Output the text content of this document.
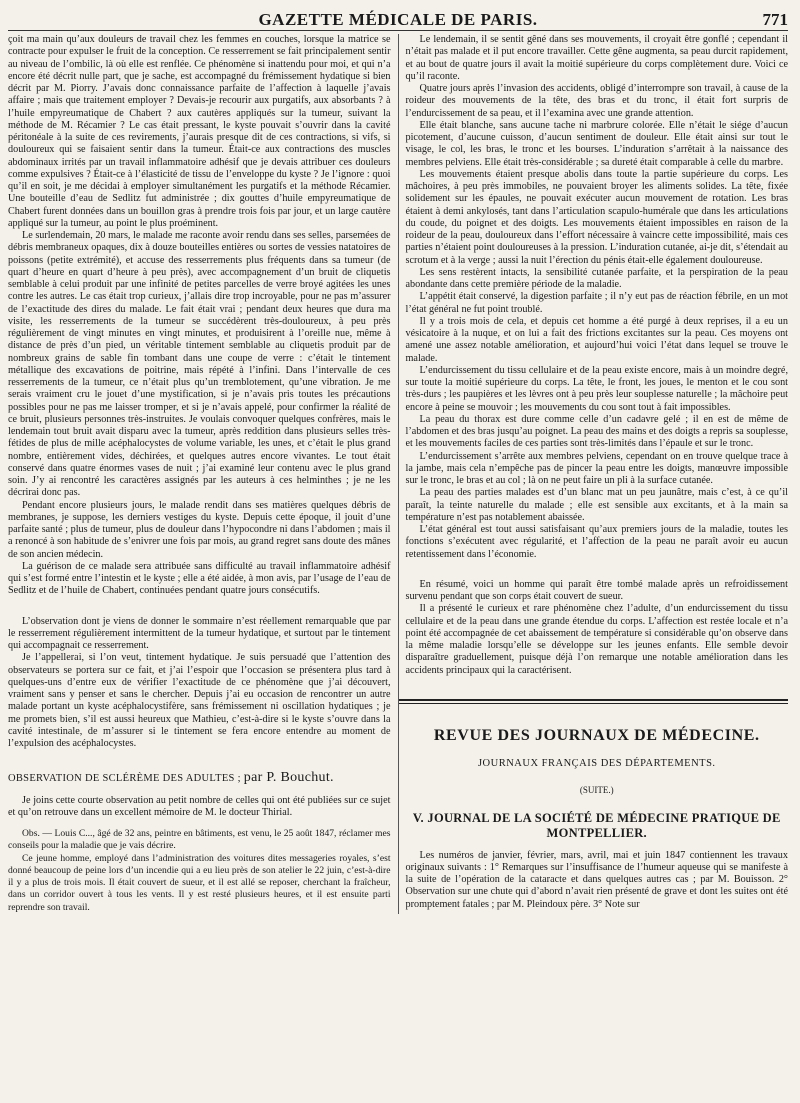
GAZETTE MÉDICALE DE PARIS.	771

çoit ma main qu’aux douleurs de travail chez les femmes en couches, lorsque la matrice se contracte pour expulser le fruit de la conception. Ce resserrement se fait principalement sentir au niveau de l’ombilic, là où elle est renflée. Ce phénomène si inattendu pour moi, et qui n’a encore été décrit nulle part, que je sache, est accompagné du frémissement hydatique si bien décrit par M. Piorry. J’avais donc connaissance parfaite de l’affection à laquelle j’avais affaire ; mais que traitement employer ? Devais-je recourir aux purgatifs, aux absorbants ? à l’huile empyreumatique de Chabert ? aux cautères appliqués sur la tumeur, suivant la méthode de M. Récamier ? Le cas était pressant, le kyste pouvait s’ouvrir dans la cavité péritonéale à la suite de ces revirements, j’aurais presque dit de ces contractions, si vifs, si douloureux qui se faisaient sentir dans la tumeur. Était-ce aux contractions des muscles abdominaux irrités par un travail inflammatoire adhésif que je devais attribuer ces douleurs comme expulsives ? Était-ce à l’élasticité de tissu de l’enveloppe du kyste ? Je l’ignore : quoi qu’il en soit, je me décidai à employer simultanément les purgatifs et la méthode Récamier. Une bouteille d’eau de Sedlitz fut administrée ; dix gouttes d’huile empyreumatique de Chabert furent données dans un bouillon gras à prendre trois fois par jour, et un large cautère appliqué sur la tumeur, au point le plus proéminent.

Le surlendemain, 20 mars, le malade me raconte avoir rendu dans ses selles, parsemées de débris membraneux opaques, dix à douze bouteilles entières ou sortes de vessies natatoires de poissons (petite extrémité), et accuse des resserrements plus fréquents dans sa tumeur (de quart d’heure en quart d’heure à peu près), avec accompagnement d’un bruit de cliquetis semblable à celui produit par une infinité de petites parcelles de verre broyé agitées les unes contre les autres. Le cas était trop curieux, j’allais dire trop incroyable, pour ne pas m’assurer de l’exactitude des dires du malade. Le fait était vrai ; pendant deux heures que dura ma visite, les resserrements de la tumeur se succédèrent très-douloureux, à peu près régulièrement de vingt minutes en vingt minutes, et produisirent à l’oreille nue, même à distance de près d’un pied, un véritable tintement semblable au cliquetis produit par de nombreux grains de sable fin tombant dans une coupe de verre : c’était le tintement métallique des excavations de poitrine, mais répété à l’infini. Dans l’intervalle de ces resserrements de la tumeur, ce n’était plus qu’un tremblotement, qu’une vibration. Je me serais vraiment cru le jouet d’une mystification, si je n’avais pris toutes les précautions possibles pour ne pas me laisser tromper, et si je n’avais appelé, pour confirmer la réalité de ce bruit, plusieurs personnes très-instruites. Je voulais convoquer quelques confrères, mais le lendemain tout bruit avait disparu avec la tumeur, après reddition dans plusieurs selles très-fétides de plus de mille acéphalocystes de volume variable, les unes, et c’était le plus grand nombre, entièrement vides, déchirées, et quelques autres encore vivantes. Le tout était conservé dans quatre énormes vases de nuit ; j’ai examiné leur contenu avec le plus grand soin. J’y ai rencontré les caractères assignés par les auteurs à ces helminthes ; je ne les décrirai donc pas.

Pendant encore plusieurs jours, le malade rendit dans ses matières quelques débris de membranes, je suppose, les derniers vestiges du kyste. Depuis cette époque, il jouit d’une parfaite santé ; plus de tumeur, plus de douleur dans l’hypocondre ni dans l’abdomen ; mais il a renoncé à son habitude de s’enivrer une fois par mois, au grand regret sans doute des mânes de son ancien médecin.

La guérison de ce malade sera attribuée sans difficulté au travail inflammatoire adhésif qui s’est formé entre l’intestin et le kyste ; elle a été aidée, à mon avis, par l’usage de l’eau de Sedlitz et de l’huile de Chabert, continuées pendant quatre jours consécutifs.

L’observation dont je viens de donner le sommaire n’est réellement remarquable que par le resserrement régulièrement intermittent de la tumeur hydatique, et surtout par le tintement qui accompagnait ce resserrement.

Je l’appellerai, si l’on veut, tintement hydatique. Je suis persuadé que l’attention des observateurs se portera sur ce fait, et j’ai l’espoir que l’occasion se présentera plus tard à quelques-uns d’entre eux de vérifier l’exactitude de ce phénomène que j’ai découvert, vraiment sans y penser et sans le chercher. Depuis j’ai eu occasion de rencontrer un autre malade portant un kyste acéphalocystifère, sans frémissement ni oscillation hydatiques ; je me promets bien, s’il est aussi heureux que Mathieu, c’est-à-dire si le kyste s’ouvre dans la cavité intestinale, de m’assurer si le tintement se fera encore entendre au moment de l’expulsion des acéphalocystes.

OBSERVATION DE SCLÉRÈME DES ADULTES ; par P. Bouchut.

Je joins cette courte observation au petit nombre de celles qui ont été publiées sur ce sujet et qu’on retrouve dans un excellent mémoire de M. le docteur Thirial.

Obs. — Louis C..., âgé de 32 ans, peintre en bâtiments, est venu, le 25 août 1847, réclamer mes conseils pour la maladie que je vais décrire.

Ce jeune homme, employé dans l’administration des voitures dites messageries royales, s’est donné beaucoup de peine lors d’un incendie qui a eu lieu près de son atelier le 22 juin, c’est-à-dire il y a plus de trois mois. Il était couvert de sueur, et il est allé se reposer, cherchant la fraîcheur, dans un corridor ouvert à tous les vents. Il y est resté plusieurs heures, et il est ensuite parti reprendre son travail.

Le lendemain, il se sentit gêné dans ses mouvements, il croyait être gonflé ; cependant il n’était pas malade et il put encore travailler. Cette gêne augmenta, sa peau durcit rapidement, et au bout de quatre jours il avait la moitié supérieure du corps complètement dure. Voici ce qu’il raconte.

Quatre jours après l’invasion des accidents, obligé d’interrompre son travail, à cause de la roideur des mouvements de la tête, des bras et du tronc, il était fort surpris de l’endurcissement de sa peau, et il l’examina avec une grande attention.

Elle était blanche, sans aucune tache ni marbrure colorée. Elle n’était le siége d’aucun picotement, d’aucune cuisson, d’aucun sentiment de douleur. Elle était ainsi sur tout le visage, le col, les bras, le tronc et les bourses. L’induration s’arrêtait à la naissance des membres pelviens. Elle était très-considérable ; sa dureté était comparable à celle du marbre.

Les mouvements étaient presque abolis dans toute la partie supérieure du corps. Les mâchoires, à peu près immobiles, ne pouvaient broyer les aliments solides. La tête, fixée solidement sur les épaules, ne pouvait exécuter aucun mouvement de rotation. Les bras étaient à demi ankylosés, tant dans l’articulation scapulo-humérale que dans les articulations du coude, du poignet et des doigts. Les mouvements étaient impossibles en raison de la roideur de la peau, douloureux dans l’effort nécessaire à vaincre cette impossibilité, mais ces parties n’étaient point douloureuses à la pression. L’induration cutanée, ai-je dit, s’étendait au scrotum et à la verge ; aussi la nuit l’érection du pénis était-elle également douloureuse.

Les sens restèrent intacts, la sensibilité cutanée parfaite, et la perspiration de la peau abondante dans cette première période de la maladie.

L’appétit était conservé, la digestion parfaite ; il n’y eut pas de réaction fébrile, en un mot l’état général ne fut point troublé.

Il y a trois mois de cela, et depuis cet homme a été purgé à deux reprises, il a eu un vésicatoire à la nuque, et on lui a fait des frictions excitantes sur la peau. Ces moyens ont amené une assez notable amélioration, et aujourd’hui voici l’état dans lequel se trouve le malade.

L’endurcissement du tissu cellulaire et de la peau existe encore, mais à un moindre degré, sur toute la moitié supérieure du corps. La tête, le front, les joues, le menton et le cou sont très-durs ; les paupières et les lèvres ont à peu près leur souplesse naturelle ; la mâchoire peut encore à peine se mouvoir ; les mouvements du cou sont tout à fait impossibles.

La peau du thorax est dure comme celle d’un cadavre gelé ; il en est de même de l’abdomen et des bras jusqu’au poignet. La peau des mains et des doigts a repris sa souplesse, et les mouvements faciles de ces parties sont très-limités dans l’épaule et sur le tronc.

L’endurcissement s’arrête aux membres pelviens, cependant on en trouve quelque trace à la jambe, mais cela n’empêche pas de pincer la peau entre les doigts, manœuvre impossible sur le tronc, le bras et au col ; là on ne peut faire un pli à la surface cutanée.

La peau des parties malades est d’un blanc mat un peu jaunâtre, mais c’est, à ce qu’il paraît, la teinte naturelle du malade ; elle est sensible aux excitants, et à la main sa température n’est pas notablement abaissée.

L’état général est tout aussi satisfaisant qu’aux premiers jours de la maladie, toutes les fonctions s’exécutent avec régularité, et l’affection de la peau ne paraît avoir eu aucun retentissement dans l’économie.

En résumé, voici un homme qui paraît être tombé malade après un refroidissement survenu pendant que son corps était couvert de sueur.

Il a présenté le curieux et rare phénomène chez l’adulte, d’un endurcissement du tissu cellulaire et de la peau dans une grande étendue du corps. L’affection est restée locale et n’a point été accompagnée de cet abaissement de température si considérable qu’on observe dans la même maladie lorsqu’elle se développe sur les jeunes enfants. Elle semble devoir disparaître graduellement, puisque déjà l’on remarque une notable amélioration dans les accidents principaux qui la caractérisent.

REVUE DES JOURNAUX DE MÉDECINE.
JOURNAUX FRANÇAIS DES DÉPARTEMENTS.
(SUITE.)
V. JOURNAL DE LA SOCIÉTÉ DE MÉDECINE PRATIQUE DE MONTPELLIER.

Les numéros de janvier, février, mars, avril, mai et juin 1847 contiennent les travaux originaux suivants : 1° Remarques sur l’insuffisance de l’humeur aqueuse qui se manifeste à la suite de l’opération de la cataracte et dans quelques autres cas ; par M. Bouisson. 2° Observation sur une chute qui d’abord n’avait rien présenté de grave et dont les suites ont été promptement fatales ; par M. Pleindoux père. 3° Note sur
